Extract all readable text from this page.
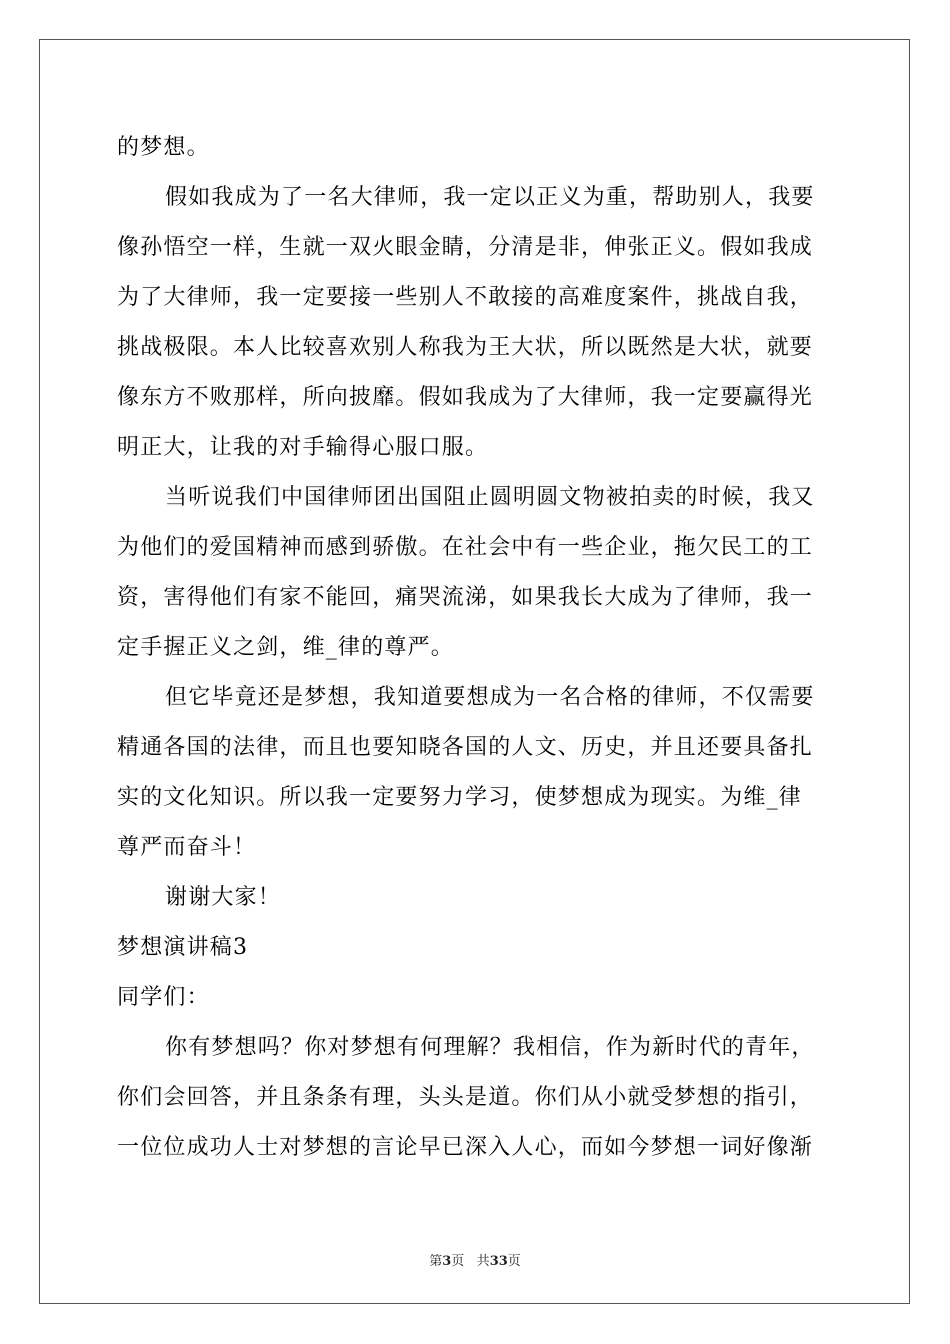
的梦想。
假如我成为了一名大律师，我一定以正义为重，帮助别人，我要
像孙悟空一样，生就一双火眼金睛，分清是非，伸张正义。假如我成
为了大律师，我一定要接一些别人不敢接的高难度案件，挑战自我，
挑战极限。本人比较喜欢别人称我为王大状，所以既然是大状，就要
像东方不败那样，所向披靡。假如我成为了大律师，我一定要赢得光
明正大，让我的对手输得心服口服。
当听说我们中国律师团出国阻止圆明圆文物被拍卖的时候，我又
为他们的爱国精神而感到骄傲。在社会中有一些企业，拖欠民工的工
资，害得他们有家不能回，痛哭流涕，如果我长大成为了律师，我一
定手握正义之剑，维_律的尊严。
但它毕竟还是梦想，我知道要想成为一名合格的律师，不仅需要
精通各国的法律，而且也要知晓各国的人文、历史，并且还要具备扎
实的文化知识。所以我一定要努力学习，使梦想成为现实。为维_律
尊严而奋斗！
谢谢大家！
梦想演讲稿3
同学们：
你有梦想吗？你对梦想有何理解？我相信，作为新时代的青年，
你们会回答，并且条条有理，头头是道。你们从小就受梦想的指引，
一位位成功人士对梦想的言论早已深入人心，而如今梦想一词好像渐
第3页 共33页
